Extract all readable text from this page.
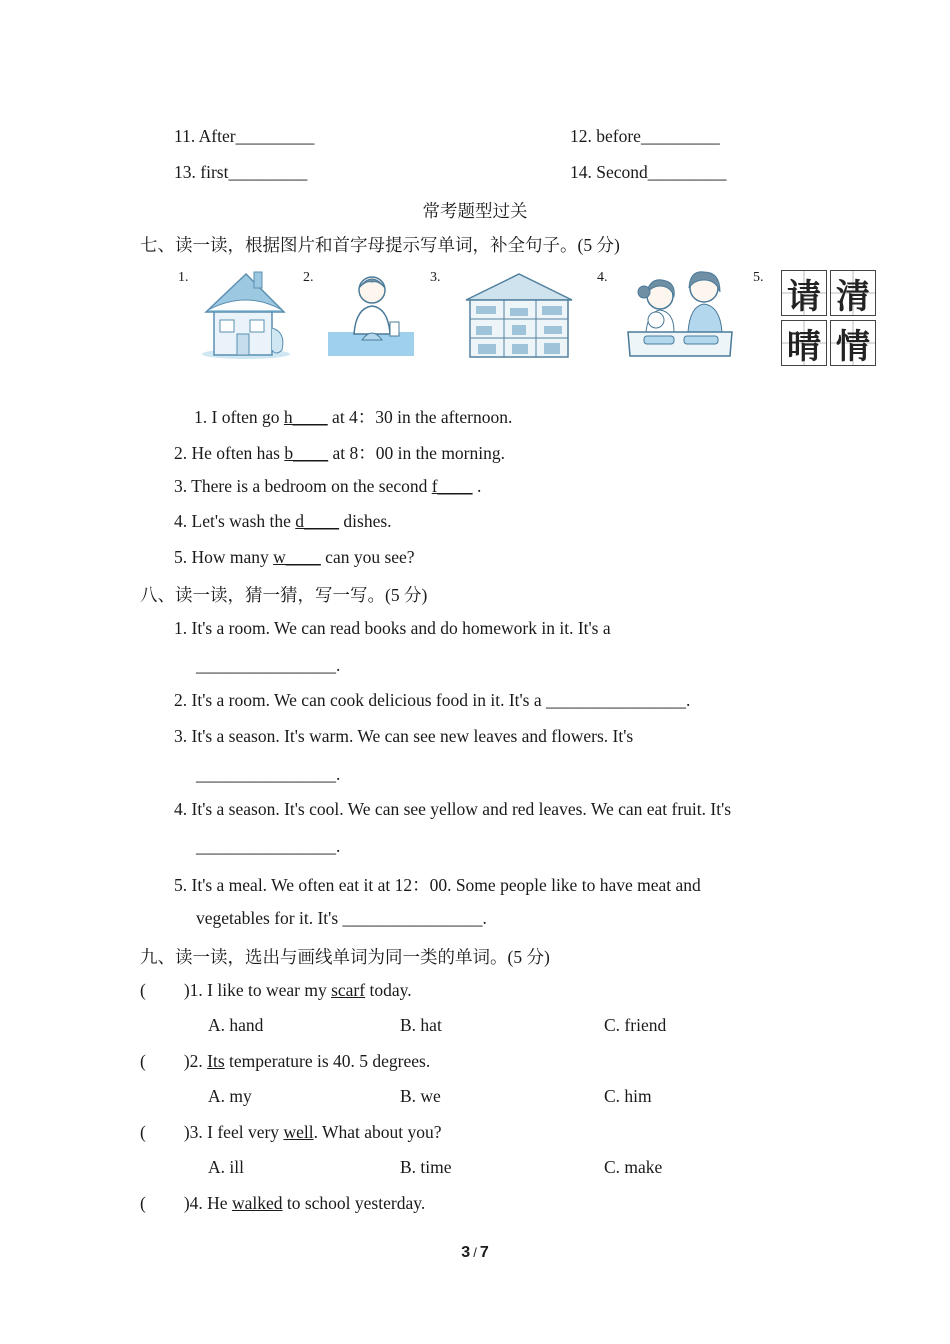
11. After_________	12. before_________
13. first_________	14. Second_________
常考题型过关
七、读一读，根据图片和首字母提示写单词，补全句子。(5 分)
1.	2.	3.	4.	5. 请 清
晴 情
1. I often go h____ at 4：30 in the afternoon.
2. He often has b____ at 8：00 in the morning.
3. There is a bedroom on the second f____ .
4. Let's wash the d____ dishes.
5. How many w____ can you see?
八、读一读，猜一猜，写一写。(5 分)
1. It's a room. We can read books and do homework in it. It's a
________________.
2. It's a room. We can cook delicious food in it. It's a ________________.
3. It's a season. It's warm. We can see new leaves and flowers. It's
________________.
4. It's a season. It's cool. We can see yellow and red leaves. We can eat fruit. It's
________________.
5. It's a meal. We often eat it at 12：00. Some people like to have meat and
vegetables for it. It's ________________.
九、读一读，选出与画线单词为同一类的单词。(5 分)
( )1. I like to wear my scarf today.
A. hand	B. hat	C. friend
( )2. Its temperature is 40. 5 degrees.
A. my	B. we	C. him
( )3. I feel very well. What about you?
A. ill	B. time	C. make
( )4. He walked to school yesterday.
3 / 7
